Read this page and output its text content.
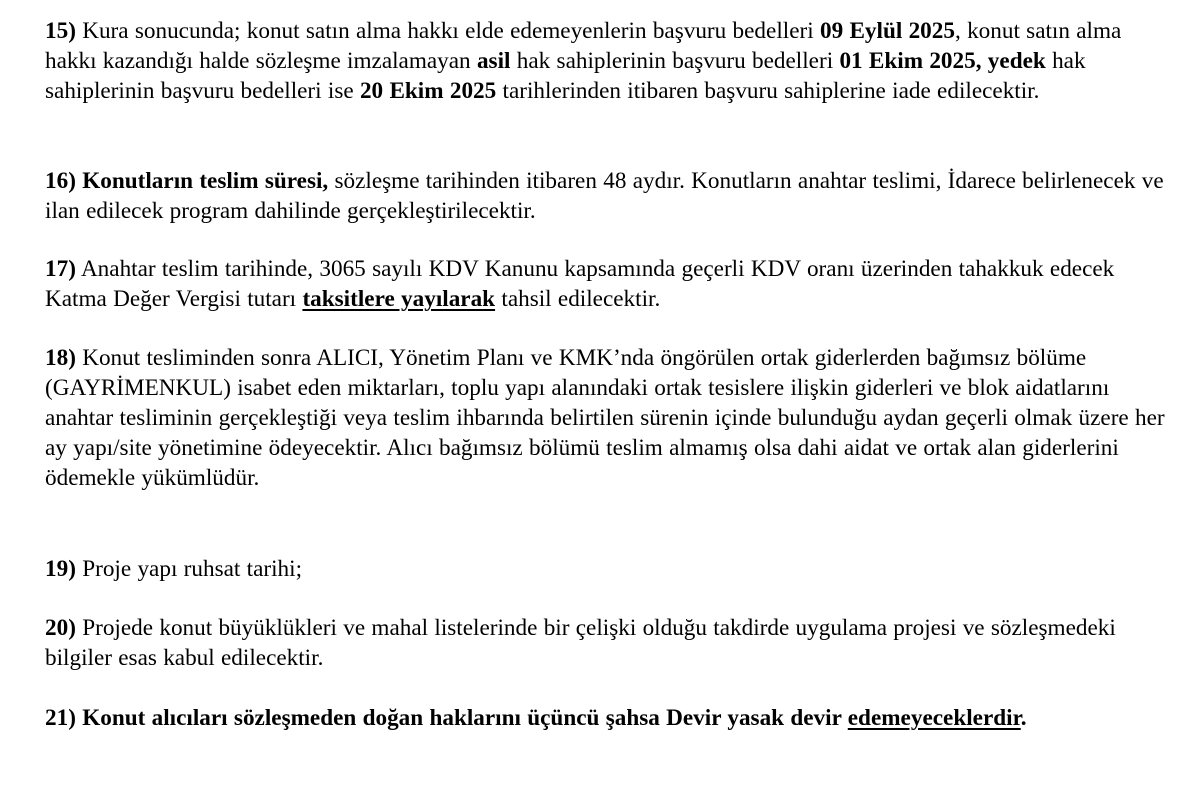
15) Kura sonucunda; konut satın alma hakkı elde edemeyenlerin başvuru bedelleri 09 Eylül 2025, konut satın alma hakkı kazandığı halde sözleşme imzalamayan asil hak sahiplerinin başvuru bedelleri 01 Ekim 2025, yedek hak sahiplerinin başvuru bedelleri ise 20 Ekim 2025 tarihlerinden itibaren başvuru sahiplerine iade edilecektir.

16) Konutların teslim süresi, sözleşme tarihinden itibaren 48 aydır. Konutların anahtar teslimi, İdarece belirlenecek ve ilan edilecek program dahilinde gerçekleştirilecektir.

17) Anahtar teslim tarihinde, 3065 sayılı KDV Kanunu kapsamında geçerli KDV oranı üzerinden tahakkuk edecek Katma Değer Vergisi tutarı taksitlere yayılarak tahsil edilecektir.

18) Konut tesliminden sonra ALICI, Yönetim Planı ve KMK’nda öngörülen ortak giderlerden bağımsız bölüme (GAYRİMENKUL) isabet eden miktarları, toplu yapı alanındaki ortak tesislere ilişkin giderleri ve blok aidatlarını anahtar tesliminin gerçekleştiği veya teslim ihbarında belirtilen sürenin içinde bulunduğu aydan geçerli olmak üzere her ay yapı/site yönetimine ödeyecektir. Alıcı bağımsız bölümü teslim almamış olsa dahi aidat ve ortak alan giderlerini ödemekle yükümlüdür.

19) Proje yapı ruhsat tarihi;

20) Projede konut büyüklükleri ve mahal listelerinde bir çelişki olduğu takdirde uygulama projesi ve sözleşmedeki bilgiler esas kabul edilecektir.

21) Konut alıcıları sözleşmeden doğan haklarını üçüncü şahsa Devir yasak devir edemeyeceklerdir.
